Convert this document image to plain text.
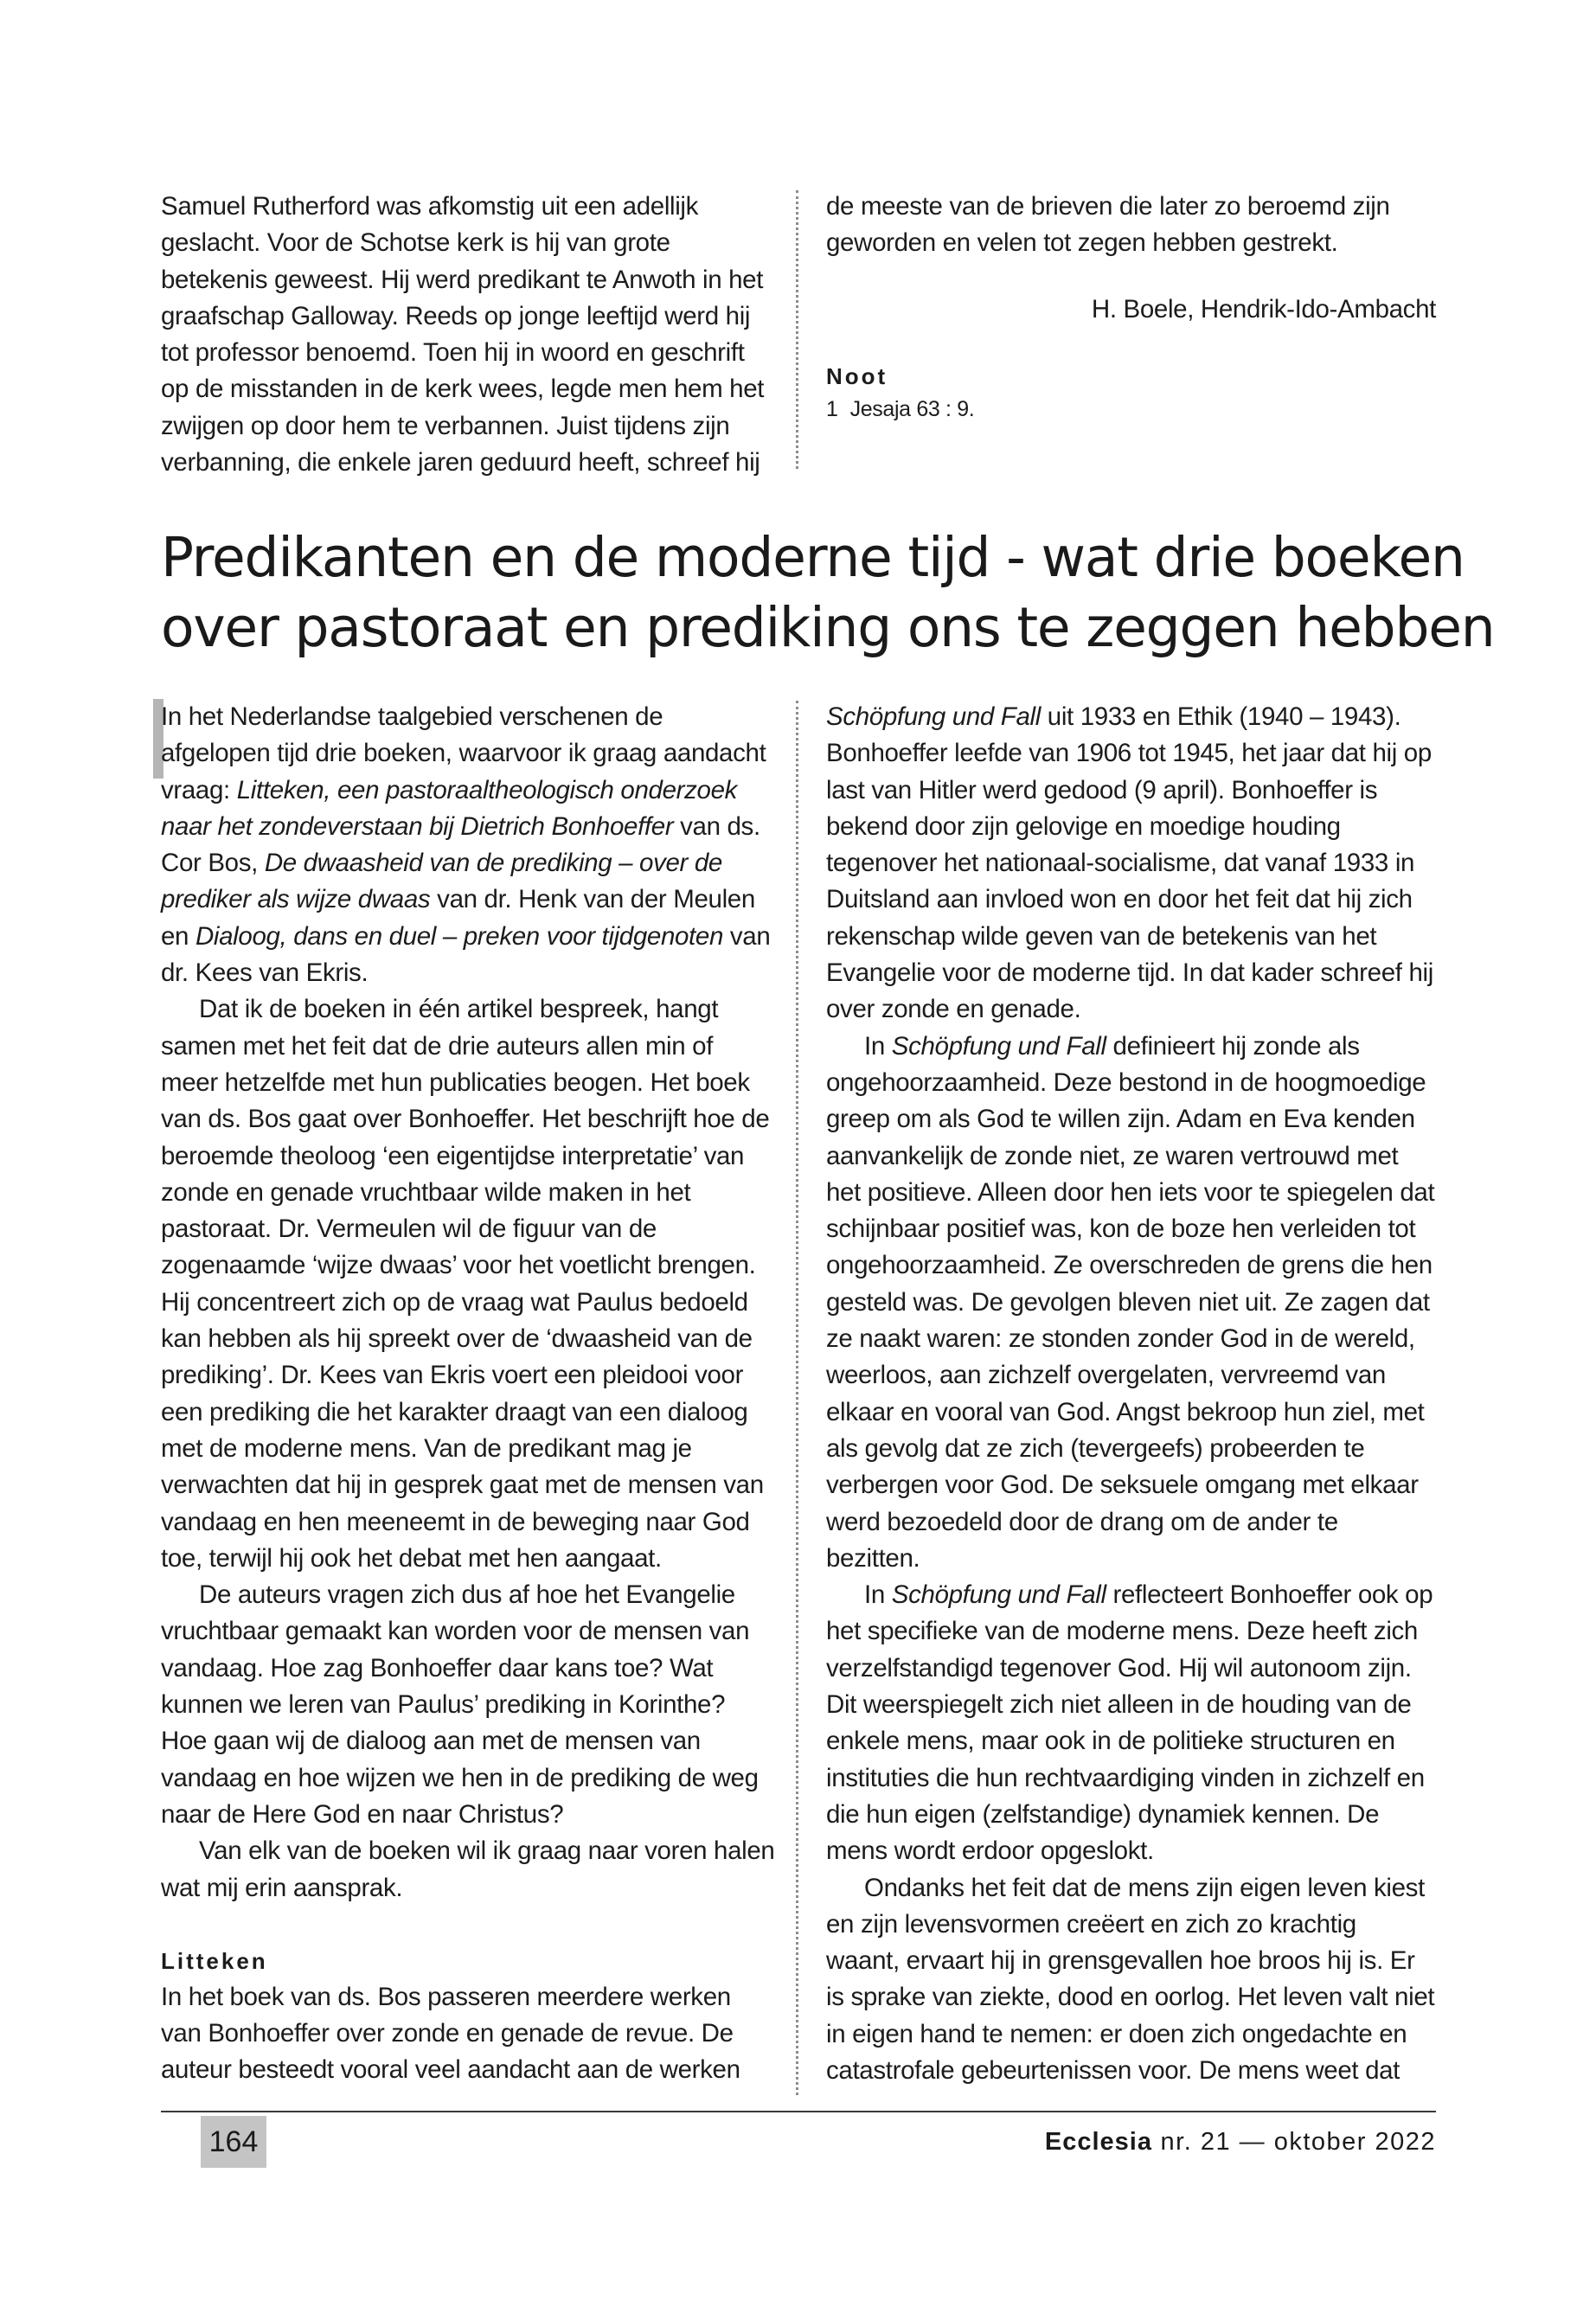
Samuel Rutherford was afkomstig uit een adellijk geslacht. Voor de Schotse kerk is hij van grote betekenis geweest. Hij werd predikant te Anwoth in het graafschap Galloway. Reeds op jonge leeftijd werd hij tot professor benoemd. Toen hij in woord en geschrift op de misstanden in de kerk wees, legde men hem het zwijgen op door hem te verbannen. Juist tijdens zijn verbanning, die enkele jaren geduurd heeft, schreef hij

de meeste van de brieven die later zo beroemd zijn geworden en velen tot zegen hebben gestrekt.

H. Boele, Hendrik-Ido-Ambacht

Noot

1 Jesaja 63 : 9.

Predikanten en de moderne tijd - wat drie boeken
over pastoraat en prediking ons te zeggen hebben

In het Nederlandse taalgebied verschenen de afgelopen tijd drie boeken, waarvoor ik graag aandacht vraag: Litteken, een pastoraaltheologisch onderzoek naar het zondeverstaan bij Dietrich Bonhoeffer van ds. Cor Bos, De dwaasheid van de prediking – over de prediker als wijze dwaas van dr. Henk van der Meulen en Dialoog, dans en duel – preken voor tijdgenoten van dr. Kees van Ekris.

Dat ik de boeken in één artikel bespreek, hangt samen met het feit dat de drie auteurs allen min of meer hetzelfde met hun publicaties beogen. Het boek van ds. Bos gaat over Bonhoeffer. Het beschrijft hoe de beroemde theoloog ‘een eigentijdse interpretatie’ van zonde en genade vruchtbaar wilde maken in het pastoraat. Dr. Vermeulen wil de figuur van de zogenaamde ‘wijze dwaas’ voor het voetlicht brengen. Hij concentreert zich op de vraag wat Paulus bedoeld kan hebben als hij spreekt over de ‘dwaasheid van de prediking’. Dr. Kees van Ekris voert een pleidooi voor een prediking die het karakter draagt van een dialoog met de moderne mens. Van de predikant mag je verwachten dat hij in gesprek gaat met de mensen van vandaag en hen meeneemt in de beweging naar God toe, terwijl hij ook het debat met hen aangaat.

De auteurs vragen zich dus af hoe het Evangelie vruchtbaar gemaakt kan worden voor de mensen van vandaag. Hoe zag Bonhoeffer daar kans toe? Wat kunnen we leren van Paulus’ prediking in Korinthe? Hoe gaan wij de dialoog aan met de mensen van vandaag en hoe wijzen we hen in de prediking de weg naar de Here God en naar Christus?

Van elk van de boeken wil ik graag naar voren halen wat mij erin aansprak.

Litteken

In het boek van ds. Bos passeren meerdere werken van Bonhoeffer over zonde en genade de revue. De auteur besteedt vooral veel aandacht aan de werken

Schöpfung und Fall uit 1933 en Ethik (1940 – 1943). Bonhoeffer leefde van 1906 tot 1945, het jaar dat hij op last van Hitler werd gedood (9 april). Bonhoeffer is bekend door zijn gelovige en moedige houding tegenover het nationaal-socialisme, dat vanaf 1933 in Duitsland aan invloed won en door het feit dat hij zich rekenschap wilde geven van de betekenis van het Evangelie voor de moderne tijd. In dat kader schreef hij over zonde en genade.

In Schöpfung und Fall definieert hij zonde als ongehoorzaamheid. Deze bestond in de hoogmoedige greep om als God te willen zijn. Adam en Eva kenden aanvankelijk de zonde niet, ze waren vertrouwd met het positieve. Alleen door hen iets voor te spiegelen dat schijnbaar positief was, kon de boze hen verleiden tot ongehoorzaamheid. Ze overschreden de grens die hen gesteld was. De gevolgen bleven niet uit. Ze zagen dat ze naakt waren: ze stonden zonder God in de wereld, weerloos, aan zichzelf overgelaten, vervreemd van elkaar en vooral van God. Angst bekroop hun ziel, met als gevolg dat ze zich (tevergeefs) probeerden te verbergen voor God. De seksuele omgang met elkaar werd bezoedeld door de drang om de ander te bezitten.

In Schöpfung und Fall reflecteert Bonhoeffer ook op het specifieke van de moderne mens. Deze heeft zich verzelfstandigd tegenover God. Hij wil autonoom zijn. Dit weerspiegelt zich niet alleen in de houding van de enkele mens, maar ook in de politieke structuren en instituties die hun rechtvaardiging vinden in zichzelf en die hun eigen (zelfstandige) dynamiek kennen. De mens wordt erdoor opgeslokt.

Ondanks het feit dat de mens zijn eigen leven kiest en zijn levensvormen creëert en zich zo krachtig waant, ervaart hij in grensgevallen hoe broos hij is. Er is sprake van ziekte, dood en oorlog. Het leven valt niet in eigen hand te nemen: er doen zich ongedachte en catastrofale gebeurtenissen voor. De mens weet dat

164	Ecclesia nr. 21 — oktober 2022
